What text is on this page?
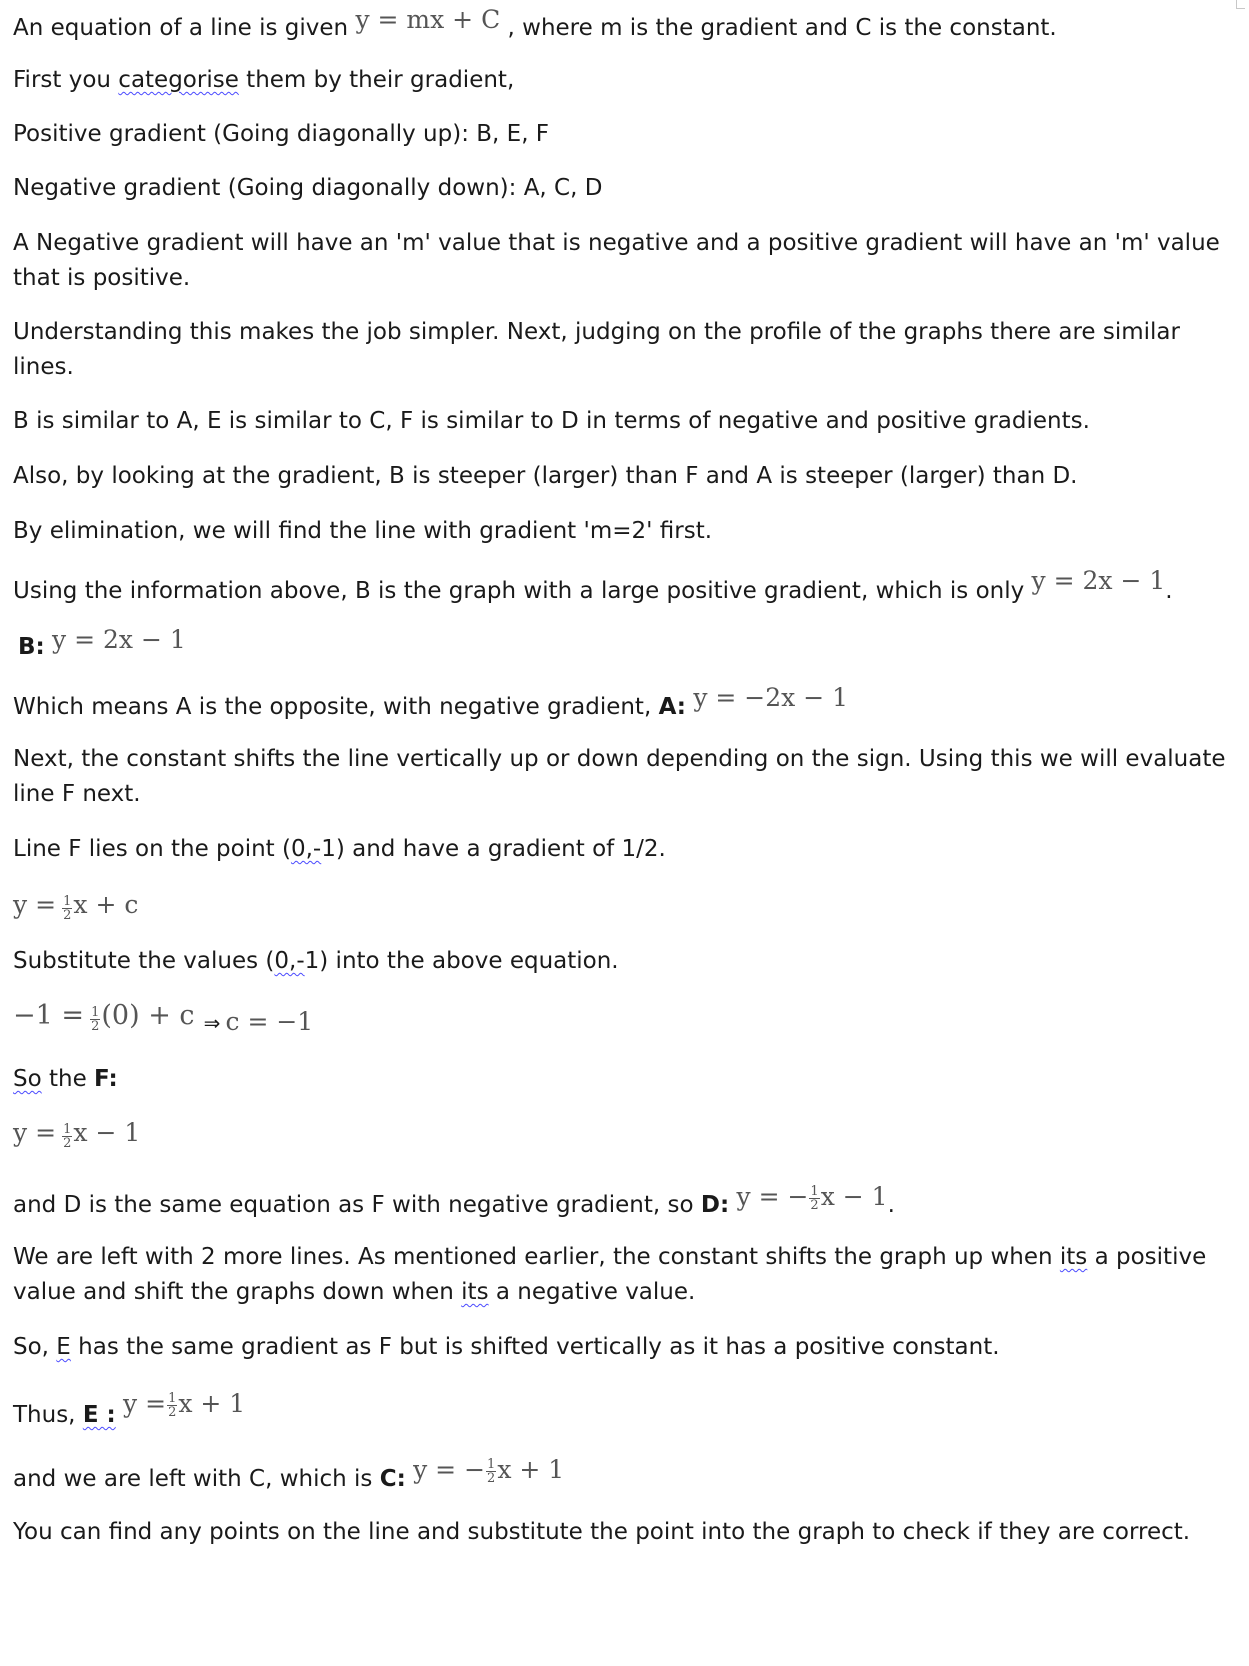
An equation of a line is given y = mx + C , where m is the gradient and C is the constant.
First you categorise them by their gradient,
Positive gradient (Going diagonally up): B, E, F
Negative gradient (Going diagonally down): A, C, D
A Negative gradient will have an 'm' value that is negative and a positive gradient will have an 'm' value
that is positive.
Understanding this makes the job simpler. Next, judging on the profile of the graphs there are similar
lines.
B is similar to A, E is similar to C, F is similar to D in terms of negative and positive gradients.
Also, by looking at the gradient, B is steeper (larger) than F and A is steeper (larger) than D.
By elimination, we will find the line with gradient 'm=2' first.
Using the information above, B is the graph with a large positive gradient, which is only y = 2x − 1.
B: y = 2x − 1
Which means A is the opposite, with negative gradient, A: y = −2x − 1
Next, the constant shifts the line vertically up or down depending on the sign. Using this we will evaluate
line F next.
Line F lies on the point (0,-1) and have a gradient of 1/2.
$y = \frac{1}{2}$ x + c
Substitute the values (0,-1) into the above equation.
$-1 = \frac{1}{2} (0) + c$ ⇒ c = −1
So the F:
$y = \frac{1}{2}$ x − 1
and D is the same equation as F with negative gradient, so D: y = − $\frac{1}{2}$ x − 1.
We are left with 2 more lines. As mentioned earlier, the constant shifts the graph up when its a positive
value and shift the graphs down when its a negative value.
So, E has the same gradient as F but is shifted vertically as it has a positive constant.
Thus, E : $y = \frac{1}{2}$ x + 1
and we are left with C, which is C: y = − $\frac{1}{2}$ x + 1
You can find any points on the line and substitute the point into the graph to check if they are correct.
